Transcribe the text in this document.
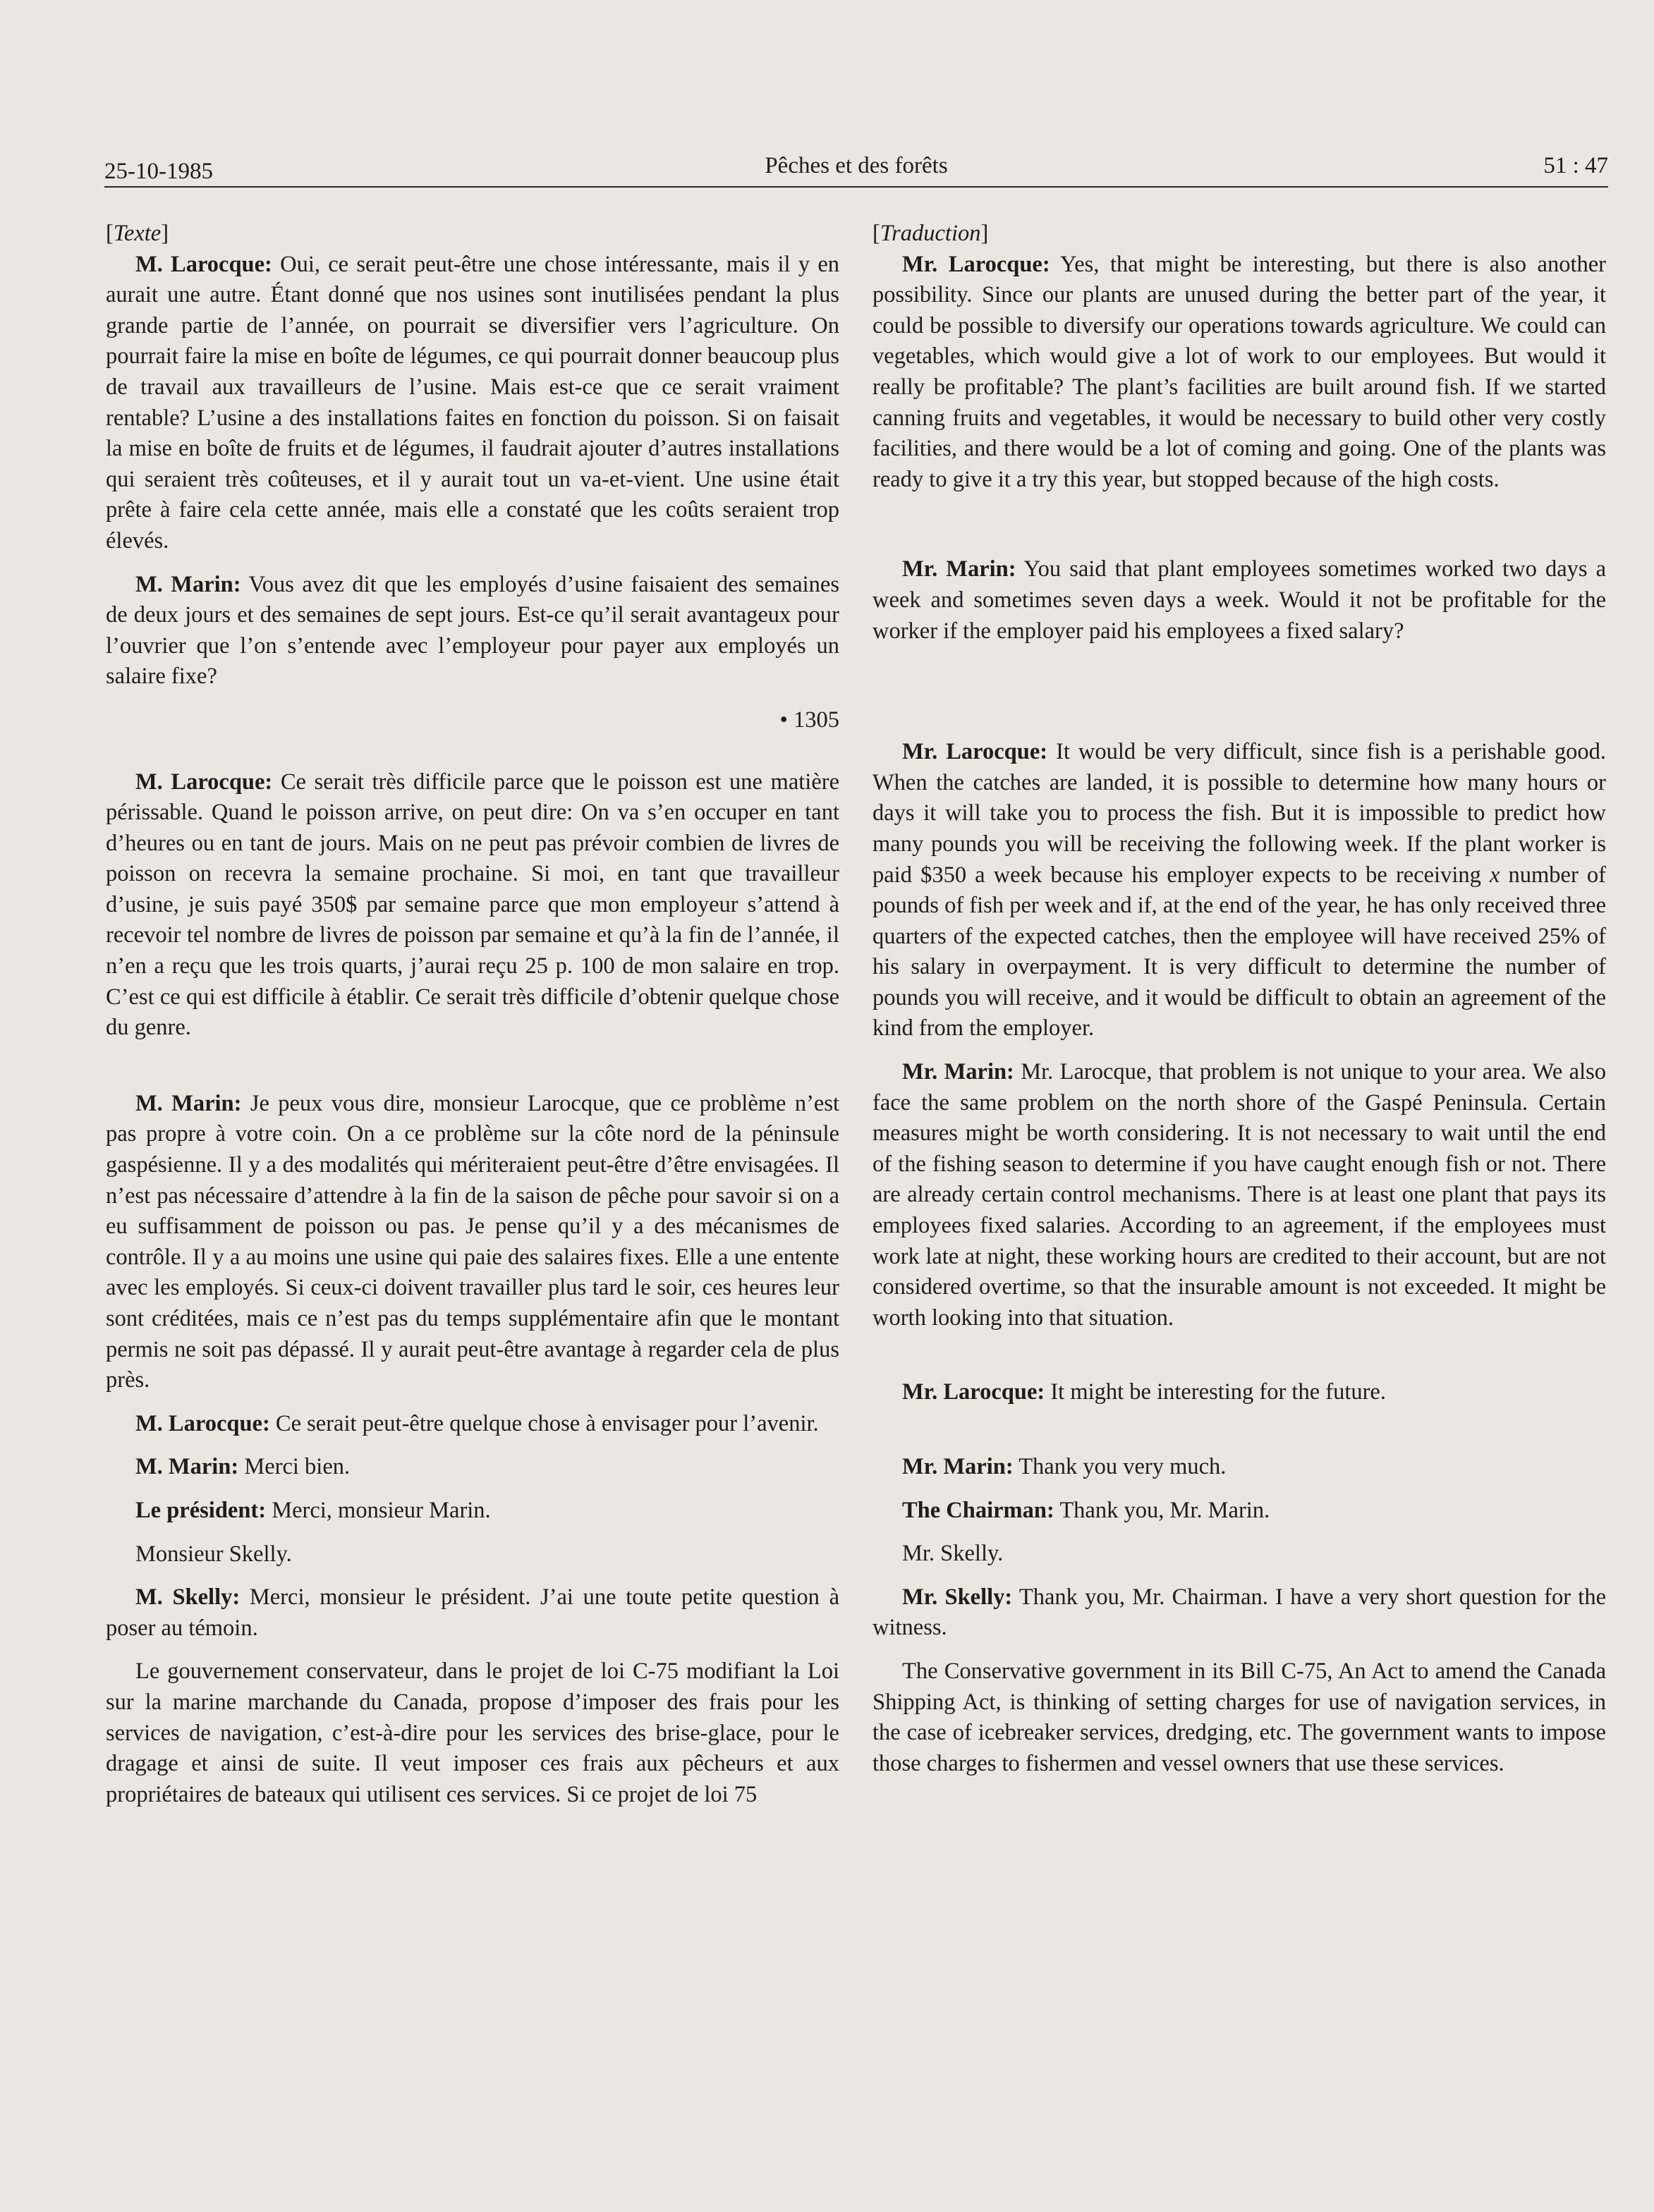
25-10-1985	Pêches et des forêts	51 : 47

[Texte]

M. Larocque: Oui, ce serait peut-être une chose intéressante, mais il y en aurait une autre. Étant donné que nos usines sont inutilisées pendant la plus grande partie de l’année, on pourrait se diversifier vers l’agriculture. On pourrait faire la mise en boîte de légumes, ce qui pourrait donner beaucoup plus de travail aux travailleurs de l’usine. Mais est-ce que ce serait vraiment rentable? L’usine a des installations faites en fonction du poisson. Si on faisait la mise en boîte de fruits et de légumes, il faudrait ajouter d’autres installations qui seraient très coûteuses, et il y aurait tout un va-et-vient. Une usine était prête à faire cela cette année, mais elle a constaté que les coûts seraient trop élevés.

M. Marin: Vous avez dit que les employés d’usine faisaient des semaines de deux jours et des semaines de sept jours. Est-ce qu’il serait avantageux pour l’ouvrier que l’on s’entende avec l’employeur pour payer aux employés un salaire fixe?

• 1305

M. Larocque: Ce serait très difficile parce que le poisson est une matière périssable. Quand le poisson arrive, on peut dire: On va s’en occuper en tant d’heures ou en tant de jours. Mais on ne peut pas prévoir combien de livres de poisson on recevra la semaine prochaine. Si moi, en tant que travailleur d’usine, je suis payé 350$ par semaine parce que mon employeur s’attend à recevoir tel nombre de livres de poisson par semaine et qu’à la fin de l’année, il n’en a reçu que les trois quarts, j’aurai reçu 25 p. 100 de mon salaire en trop. C’est ce qui est difficile à établir. Ce serait très difficile d’obtenir quelque chose du genre.

M. Marin: Je peux vous dire, monsieur Larocque, que ce problème n’est pas propre à votre coin. On a ce problème sur la côte nord de la péninsule gaspésienne. Il y a des modalités qui mériteraient peut-être d’être envisagées. Il n’est pas nécessaire d’attendre à la fin de la saison de pêche pour savoir si on a eu suffisamment de poisson ou pas. Je pense qu’il y a des mécanismes de contrôle. Il y a au moins une usine qui paie des salaires fixes. Elle a une entente avec les employés. Si ceux-ci doivent travailler plus tard le soir, ces heures leur sont créditées, mais ce n’est pas du temps supplémentaire afin que le montant permis ne soit pas dépassé. Il y aurait peut-être avantage à regarder cela de plus près.

M. Larocque: Ce serait peut-être quelque chose à envisager pour l’avenir.

M. Marin: Merci bien.

Le président: Merci, monsieur Marin.

Monsieur Skelly.

M. Skelly: Merci, monsieur le président. J’ai une toute petite question à poser au témoin.

Le gouvernement conservateur, dans le projet de loi C-75 modifiant la Loi sur la marine marchande du Canada, propose d’imposer des frais pour les services de navigation, c’est-à-dire pour les services des brise-glace, pour le dragage et ainsi de suite. Il veut imposer ces frais aux pêcheurs et aux propriétaires de bateaux qui utilisent ces services. Si ce projet de loi 75

[Traduction]

Mr. Larocque: Yes, that might be interesting, but there is also another possibility. Since our plants are unused during the better part of the year, it could be possible to diversify our operations towards agriculture. We could can vegetables, which would give a lot of work to our employees. But would it really be profitable? The plant’s facilities are built around fish. If we started canning fruits and vegetables, it would be necessary to build other very costly facilities, and there would be a lot of coming and going. One of the plants was ready to give it a try this year, but stopped because of the high costs.

Mr. Marin: You said that plant employees sometimes worked two days a week and sometimes seven days a week. Would it not be profitable for the worker if the employer paid his employees a fixed salary?

Mr. Larocque: It would be very difficult, since fish is a perishable good. When the catches are landed, it is possible to determine how many hours or days it will take you to process the fish. But it is impossible to predict how many pounds you will be receiving the following week. If the plant worker is paid $350 a week because his employer expects to be receiving x number of pounds of fish per week and if, at the end of the year, he has only received three quarters of the expected catches, then the employee will have received 25% of his salary in overpayment. It is very difficult to determine the number of pounds you will receive, and it would be difficult to obtain an agreement of the kind from the employer.

Mr. Marin: Mr. Larocque, that problem is not unique to your area. We also face the same problem on the north shore of the Gaspé Peninsula. Certain measures might be worth considering. It is not necessary to wait until the end of the fishing season to determine if you have caught enough fish or not. There are already certain control mechanisms. There is at least one plant that pays its employees fixed salaries. According to an agreement, if the employees must work late at night, these working hours are credited to their account, but are not considered overtime, so that the insurable amount is not exceeded. It might be worth looking into that situation.

Mr. Larocque: It might be interesting for the future.

Mr. Marin: Thank you very much.

The Chairman: Thank you, Mr. Marin.

Mr. Skelly.

Mr. Skelly: Thank you, Mr. Chairman. I have a very short question for the witness.

The Conservative government in its Bill C-75, An Act to amend the Canada Shipping Act, is thinking of setting charges for use of navigation services, in the case of icebreaker services, dredging, etc. The government wants to impose those charges to fishermen and vessel owners that use these services.
